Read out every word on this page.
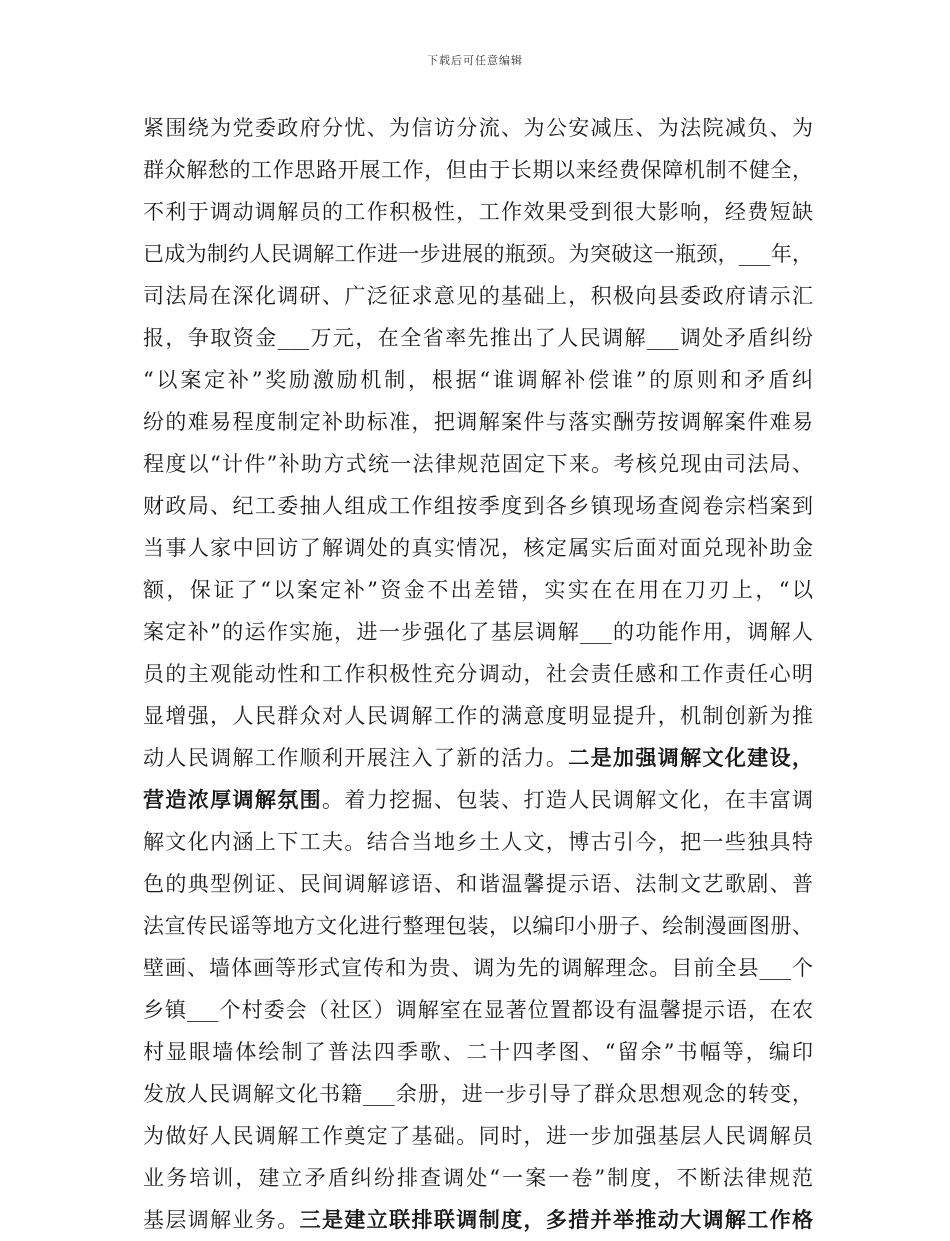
下载后可任意编辑
紧围绕为党委政府分忧、为信访分流、为公安减压、为法院减负、为
群众解愁的工作思路开展工作，但由于长期以来经费保障机制不健全，
不利于调动调解员的工作积极性，工作效果受到很大影响，经费短缺
已成为制约人民调解工作进一步进展的瓶颈。为突破这一瓶颈，___年，
司法局在深化调研、广泛征求意见的基础上，积极向县委政府请示汇
报，争取资金___万元，在全省率先推出了人民调解___调处矛盾纠纷
“以案定补”奖励激励机制，根据“谁调解补偿谁”的原则和矛盾纠
纷的难易程度制定补助标准，把调解案件与落实酬劳按调解案件难易
程度以“计件”补助方式统一法律规范固定下来。考核兑现由司法局、
财政局、纪工委抽人组成工作组按季度到各乡镇现场查阅卷宗档案到
当事人家中回访了解调处的真实情况，核定属实后面对面兑现补助金
额，保证了“以案定补”资金不出差错，实实在在用在刀刃上，“以
案定补”的运作实施，进一步强化了基层调解___的功能作用，调解人
员的主观能动性和工作积极性充分调动，社会责任感和工作责任心明
显增强，人民群众对人民调解工作的满意度明显提升，机制创新为推
动人民调解工作顺利开展注入了新的活力。二是加强调解文化建设，
营造浓厚调解氛围。着力挖掘、包装、打造人民调解文化，在丰富调
解文化内涵上下工夫。结合当地乡土人文，博古引今，把一些独具特
色的典型例证、民间调解谚语、和谐温馨提示语、法制文艺歌剧、普
法宣传民谣等地方文化进行整理包装，以编印小册子、绘制漫画图册、
壁画、墙体画等形式宣传和为贵、调为先的调解理念。目前全县___个
乡镇___个村委会（社区）调解室在显著位置都设有温馨提示语，在农
村显眼墙体绘制了普法四季歌、二十四孝图、“留余”书幅等，编印
发放人民调解文化书籍___余册，进一步引导了群众思想观念的转变，
为做好人民调解工作奠定了基础。同时，进一步加强基层人民调解员
业务培训，建立矛盾纠纷排查调处“一案一卷”制度，不断法律规范
基层调解业务。三是建立联排联调制度，多措并举推动大调解工作格
